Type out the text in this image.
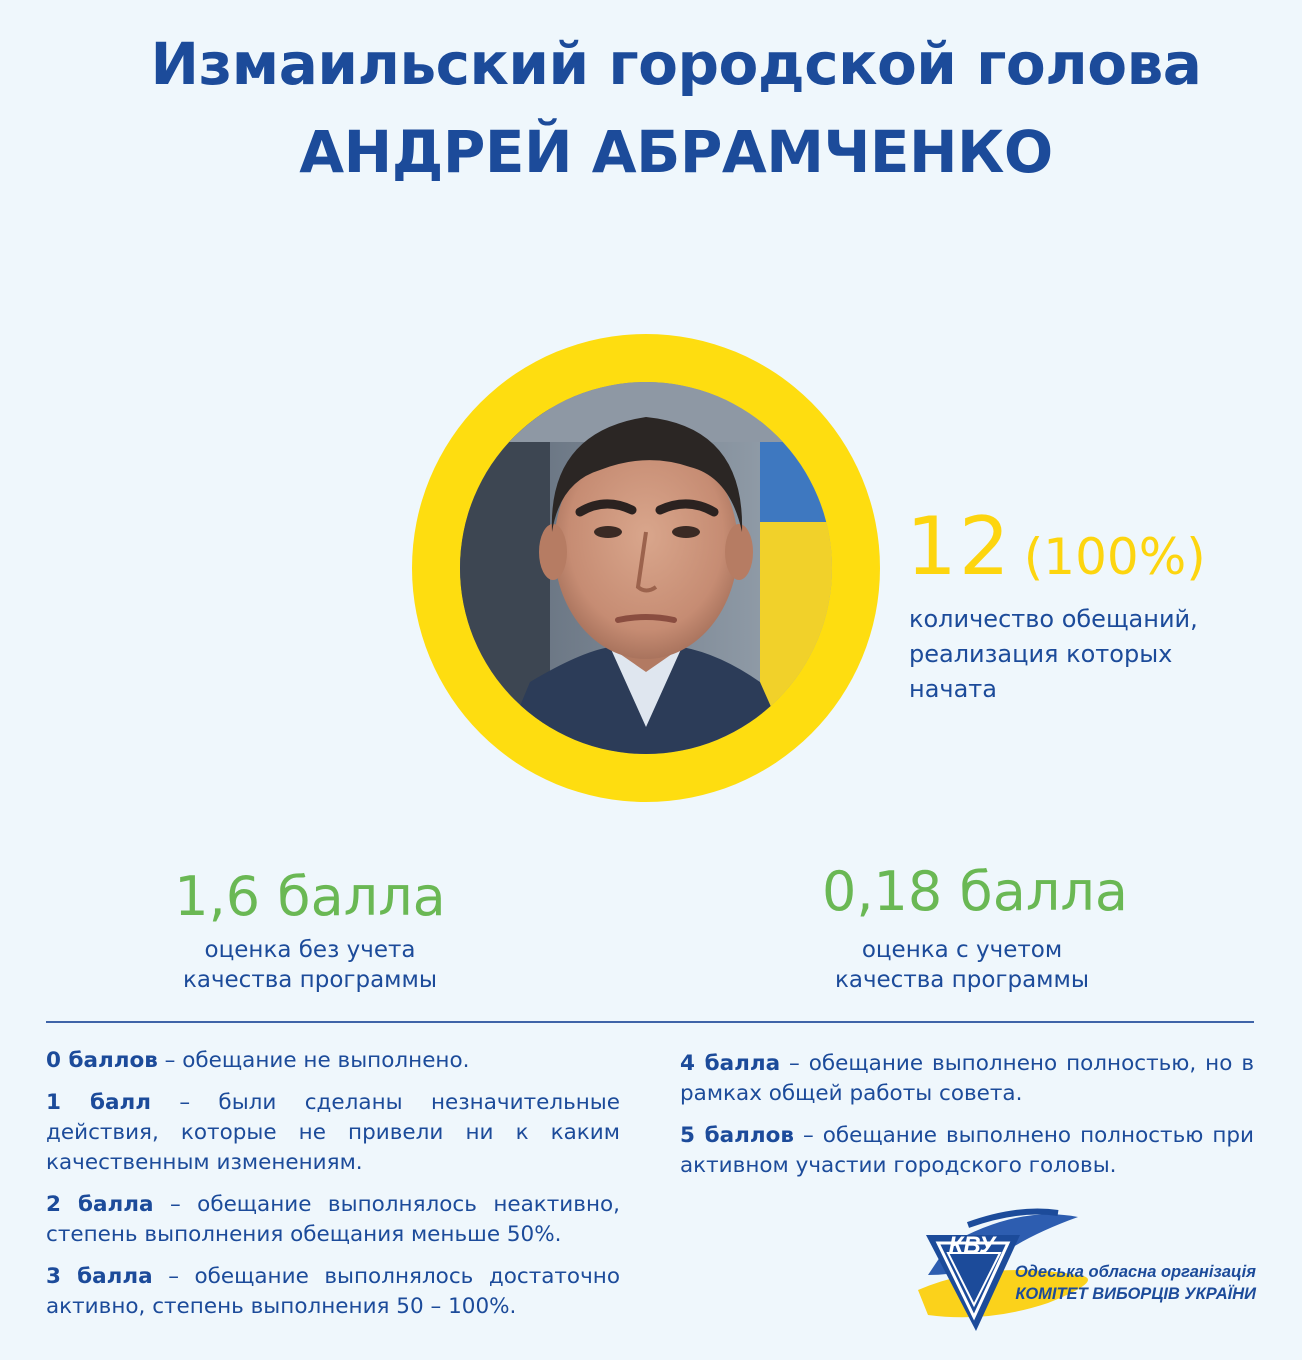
Измаильский городской голова
АНДРЕЙ АБРАМЧЕНКО
12 (100%)
количество обещаний, реализация которых начата
1,6 балла
оценка без учета
качества программы
0,18 балла
оценка с учетом
качества программы

0 баллов – обещание не выполнено.

1 балл – были сделаны незначительные действия, которые не привели ни к каким качественным изменениям.

2 балла – обещание выполнялось неактивно, степень выполнения обещания меньше 50%.

3 балла – обещание выполнялось достаточно активно, степень выполнения 50 – 100%.

4 балла – обещание выполнено полностью, но в рамках общей работы совета.

5 баллов – обещание выполнено полностью при активном участии городского головы.

КВУ
Одеська обласна організація
КОМІТЕТ ВИБОРЦІВ УКРАЇНИ
